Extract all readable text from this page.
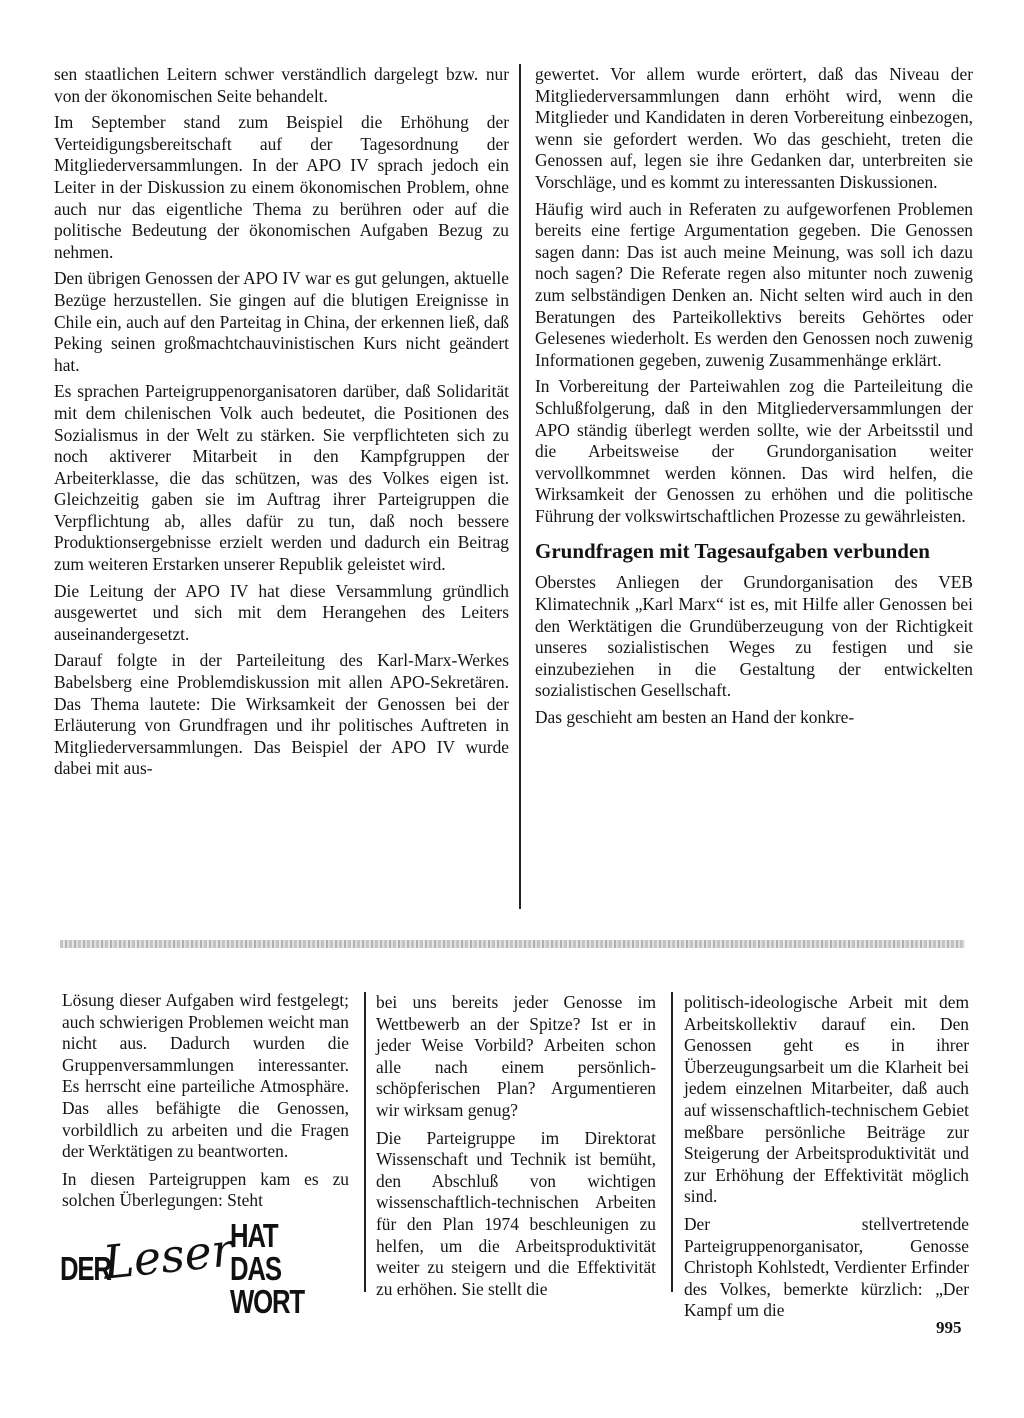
sen staatlichen Leitern schwer verständlich dargelegt bzw. nur von der ökonomischen Seite behandelt.

Im September stand zum Beispiel die Erhöhung der Verteidigungsbereitschaft auf der Tagesordnung der Mitgliederversammlungen. In der APO IV sprach jedoch ein Leiter in der Diskussion zu einem ökonomischen Problem, ohne auch nur das eigentliche Thema zu berühren oder auf die politische Bedeutung der ökonomischen Aufgaben Bezug zu nehmen.

Den übrigen Genossen der APO IV war es gut gelungen, aktuelle Bezüge herzustellen. Sie gingen auf die blutigen Ereignisse in Chile ein, auch auf den Parteitag in China, der erkennen ließ, daß Peking seinen großmachtchauvinistischen Kurs nicht geändert hat.

Es sprachen Parteigruppenorganisatoren darüber, daß Solidarität mit dem chilenischen Volk auch bedeutet, die Positionen des Sozialismus in der Welt zu stärken. Sie verpflichteten sich zu noch aktiverer Mitarbeit in den Kampfgruppen der Arbeiterklasse, die das schützen, was des Volkes eigen ist. Gleichzeitig gaben sie im Auftrag ihrer Parteigruppen die Verpflichtung ab, alles dafür zu tun, daß noch bessere Produktionsergebnisse erzielt werden und dadurch ein Beitrag zum weiteren Erstarken unserer Republik geleistet wird.

Die Leitung der APO IV hat diese Versammlung gründlich ausgewertet und sich mit dem Herangehen des Leiters auseinandergesetzt.

Darauf folgte in der Parteileitung des Karl-Marx-Werkes Babelsberg eine Problemdiskussion mit allen APO-Sekretären. Das Thema lautete: Die Wirksamkeit der Genossen bei der Erläuterung von Grundfragen und ihr politisches Auftreten in Mitgliederversammlungen. Das Beispiel der APO IV wurde dabei mit aus-

gewertet. Vor allem wurde erörtert, daß das Niveau der Mitgliederversammlungen dann erhöht wird, wenn die Mitglieder und Kandidaten in deren Vorbereitung einbezogen, wenn sie gefordert werden. Wo das geschieht, treten die Genossen auf, legen sie ihre Gedanken dar, unterbreiten sie Vorschläge, und es kommt zu interessanten Diskussionen.

Häufig wird auch in Referaten zu aufgeworfenen Problemen bereits eine fertige Argumentation gegeben. Die Genossen sagen dann: Das ist auch meine Meinung, was soll ich dazu noch sagen? Die Referate regen also mitunter noch zuwenig zum selbständigen Denken an. Nicht selten wird auch in den Beratungen des Parteikollektivs bereits Gehörtes oder Gelesenes wiederholt. Es werden den Genossen noch zuwenig Informationen gegeben, zuwenig Zusammenhänge erklärt.

In Vorbereitung der Parteiwahlen zog die Parteileitung die Schlußfolgerung, daß in den Mitgliederversammlungen der APO ständig überlegt werden sollte, wie der Arbeitsstil und die Arbeitsweise der Grundorganisation weiter vervollkommnet werden können. Das wird helfen, die Wirksamkeit der Genossen zu erhöhen und die politische Führung der volkswirtschaftlichen Prozesse zu gewährleisten.

Grundfragen mit Tagesaufgaben verbunden

Oberstes Anliegen der Grundorganisation des VEB Klimatechnik „Karl Marx“ ist es, mit Hilfe aller Genossen bei den Werktätigen die Grundüberzeugung von der Richtigkeit unseres sozialistischen Weges zu festigen und sie einzubeziehen in die Gestaltung der entwickelten sozialistischen Gesellschaft.

Das geschieht am besten an Hand der konkre-

Lösung dieser Aufgaben wird festgelegt; auch schwierigen Problemen weicht man nicht aus. Dadurch wurden die Gruppenversammlungen interessanter. Es herrscht eine parteiliche Atmosphäre. Das alles befähigte die Genossen, vorbildlich zu arbeiten und die Fragen der Werktätigen zu beantworten.

In diesen Parteigruppen kam es zu solchen Überlegungen: Steht

bei uns bereits jeder Genosse im Wettbewerb an der Spitze? Ist er in jeder Weise Vorbild? Arbeiten schon alle nach einem persönlich-schöpferischen Plan? Argumentieren wir wirksam genug?

Die Parteigruppe im Direktorat Wissenschaft und Technik ist bemüht, den Abschluß von wichtigen wissenschaftlich-technischen Arbeiten für den Plan 1974 beschleunigen zu helfen, um die Arbeitsproduktivität weiter zu steigern und die Effektivität zu erhöhen. Sie stellt die

politisch-ideologische Arbeit mit dem Arbeitskollektiv darauf ein. Den Genossen geht es in ihrer Überzeugungsarbeit um die Klarheit bei jedem einzelnen Mitarbeiter, daß auch auf wissenschaftlich-technischem Gebiet meßbare persönliche Beiträge zur Steigerung der Arbeitsproduktivität und zur Erhöhung der Effektivität möglich sind.

Der stellvertretende Parteigruppenorganisator, Genosse Christoph Kohlstedt, Verdienter Erfinder des Volkes, bemerkte kürzlich: „Der Kampf um die

DER
Leser
HAT DAS WORT
995
